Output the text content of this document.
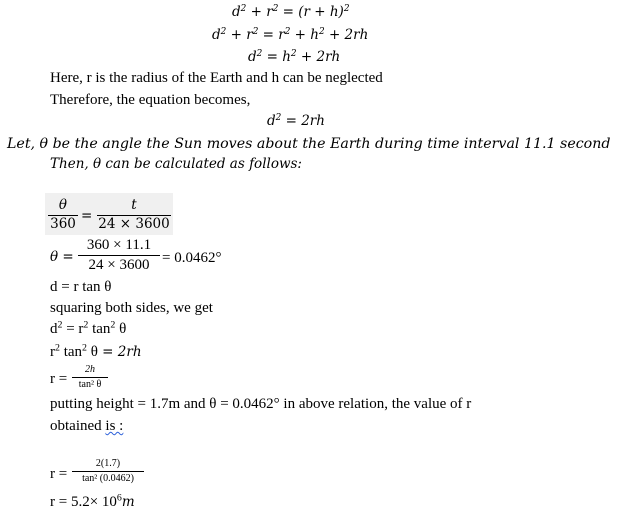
$d^2 + r^2 = (r + h)^2$
$d^2 + r^2 = r^2 + h^2 + 2rh$
$d^2 = h^2 + 2rh$
Here, r is the radius of the Earth and h can be neglected
Therefore, the equation becomes,
$d^2 = 2rh$
Let, θ be the angle the Sun moves about the Earth during time interval 11.1 second
Then, θ can be calculated as follows:
θ
360 =
t
24 × 3600
θ =
360 × 11.1
24 × 3600 = 0.0462°
d = r tan θ
squaring both sides, we get
$d^2 = r^2$ $\tan^2 \theta$
$r^2$ $\tan^2 \theta = 2rh$
r =
2h
tan² θ
putting height = 1.7m and θ = 0.0462° in above relation, the value of r
obtained is :
r =
2(1.7)
tan² (0.0462)
$r = 5.2\times 10^6m$
